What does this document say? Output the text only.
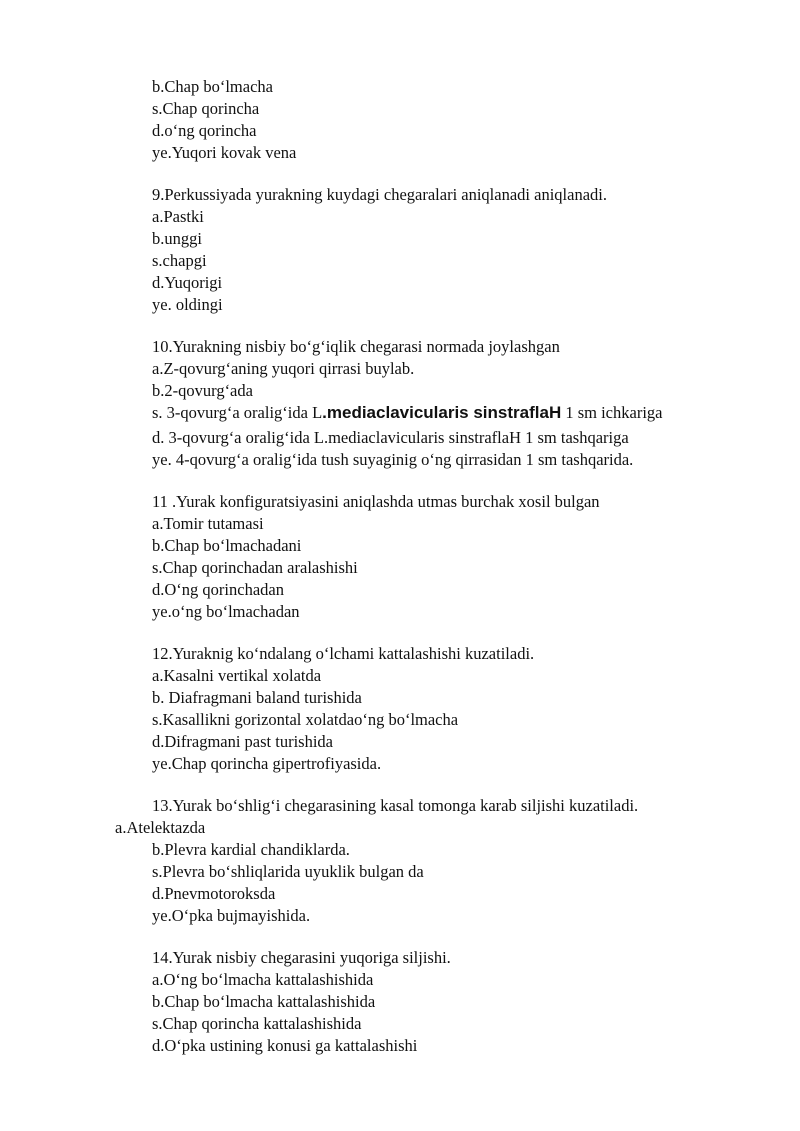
b.Chap bo‘lmacha
s.Chap qorincha
d.o‘ng qorincha
ye.Yuqori kovak vena
9.Perkussiyada yurakning kuydagi chegaralari aniqlanadi aniqlanadi.
a.Pastki
b.unggi
s.chapgi
d.Yuqorigi
ye. oldingi
10.Yurakning nisbiy bo‘g‘iqlik chegarasi normada joylashgan
a.Z-qovurg‘aning yuqori qirrasi buylab.
b.2-qovurg‘ada
s. 3-qovurg‘a oralig‘ida L.mediaclavicularis sinstraflaH 1 sm ichkariga
d. 3-qovurg‘a oralig‘ida L.mediaclavicularis sinstraflaH 1 sm tashqariga
ye. 4-qovurg‘a oralig‘ida tush suyaginig o‘ng qirrasidan 1 sm tashqarida.
11 .Yurak konfiguratsiyasini aniqlashda utmas burchak xosil bulgan
a.Tomir tutamasi
b.Chap bo‘lmachadani
s.Chap qorinchadan aralashishi
d.O‘ng qorinchadan
ye.o‘ng bo‘lmachadan
12.Yuraknig ko‘ndalang o‘lchami kattalashishi kuzatiladi.
a.Kasalni vertikal xolatda
b. Diafragmani baland turishida
s.Kasallikni gorizontal xolatdao‘ng bo‘lmacha
d.Difragmani past turishida
ye.Chap qorincha gipertrofiyasida.
13.Yurak bo‘shlig‘i chegarasining kasal tomonga karab siljishi kuzatiladi.
a.Atelektazda
b.Plevra kardial chandiklarda.
s.Plevra bo‘shliqlarida uyuklik bulgan da
d.Pnevmotoroksda
ye.O‘pka bujmayishida.
14.Yurak nisbiy chegarasini yuqoriga siljishi.
a.O‘ng bo‘lmacha kattalashishida
b.Chap bo‘lmacha kattalashishida
s.Chap qorincha kattalashishida
d.O‘pka ustining konusi ga kattalashishi
